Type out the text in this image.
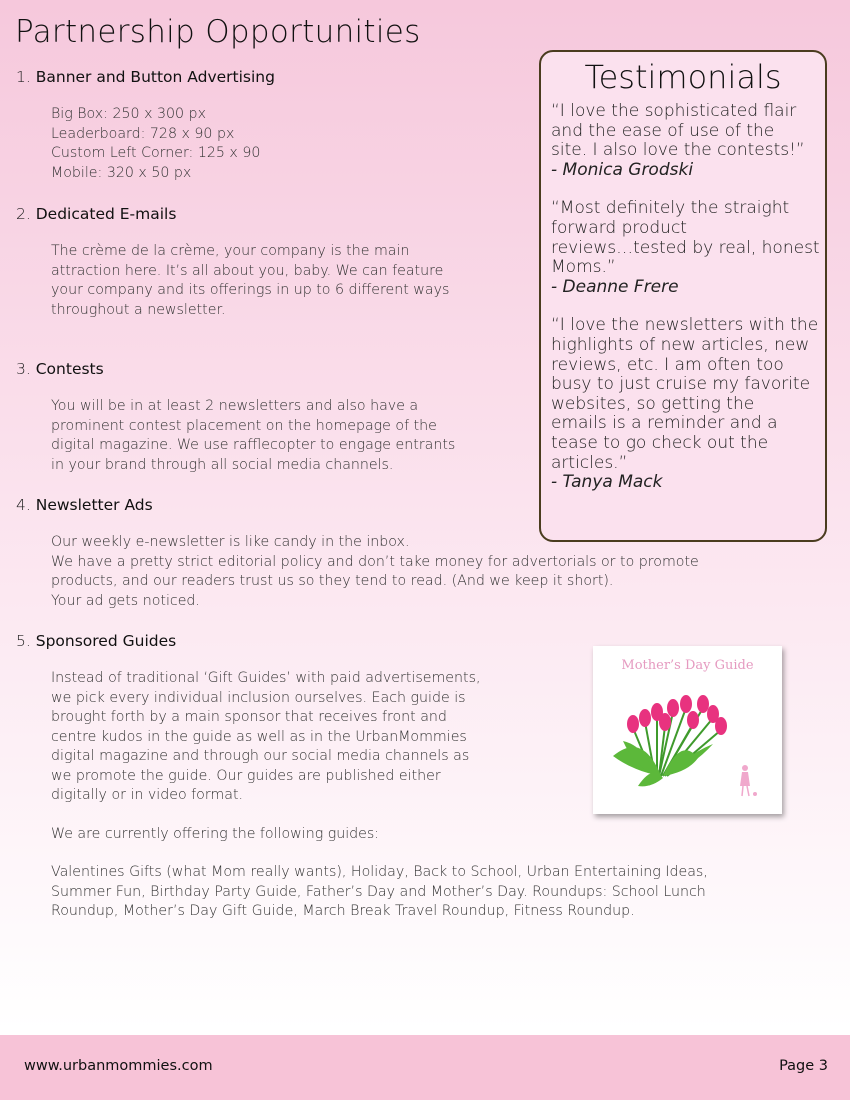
Partnership Opportunities
1. Banner and Button Advertising
Big Box: 250 x 300 px
Leaderboard: 728 x 90 px
Custom Left Corner: 125 x 90
Mobile: 320 x 50 px
2. Dedicated E-mails
The crème de la crème, your company is the main
attraction here. It’s all about you, baby. We can feature
your company and its offerings in up to 6 different ways
throughout a newsletter.
3. Contests
You will be in at least 2 newsletters and also have a
prominent contest placement on the homepage of the
digital magazine. We use rafflecopter to engage entrants
in your brand through all social media channels.
4. Newsletter Ads
Our weekly e-newsletter is like candy in the inbox.
We have a pretty strict editorial policy and don’t take money for advertorials or to promote
products, and our readers trust us so they tend to read. (And we keep it short).
Your ad gets noticed.
5. Sponsored Guides
Instead of traditional ‘Gift Guides’ with paid advertisements,
we pick every individual inclusion ourselves. Each guide is
brought forth by a main sponsor that receives front and
centre kudos in the guide as well as in the UrbanMommies
digital magazine and through our social media channels as
we promote the guide. Our guides are published either
digitally or in video format.
We are currently offering the following guides:
Valentines Gifts (what Mom really wants), Holiday, Back to School, Urban Entertaining Ideas,
Summer Fun, Birthday Party Guide, Father’s Day and Mother’s Day. Roundups: School Lunch
Roundup, Mother’s Day Gift Guide, March Break Travel Roundup, Fitness Roundup.
Testimonials
“I love the sophisticated flair
and the ease of use of the
site. I also love the contests!”
- Monica Grodski
“Most definitely the straight
forward product
reviews…tested by real, honest
Moms.”
- Deanne Frere
“I love the newsletters with the
highlights of new articles, new
reviews, etc. I am often too
busy to just cruise my favorite
websites, so getting the
emails is a reminder and a
tease to go check out the
articles.”
- Tanya Mack
Mother’s Day Guide
www.urbanmommies.com	Page 3
